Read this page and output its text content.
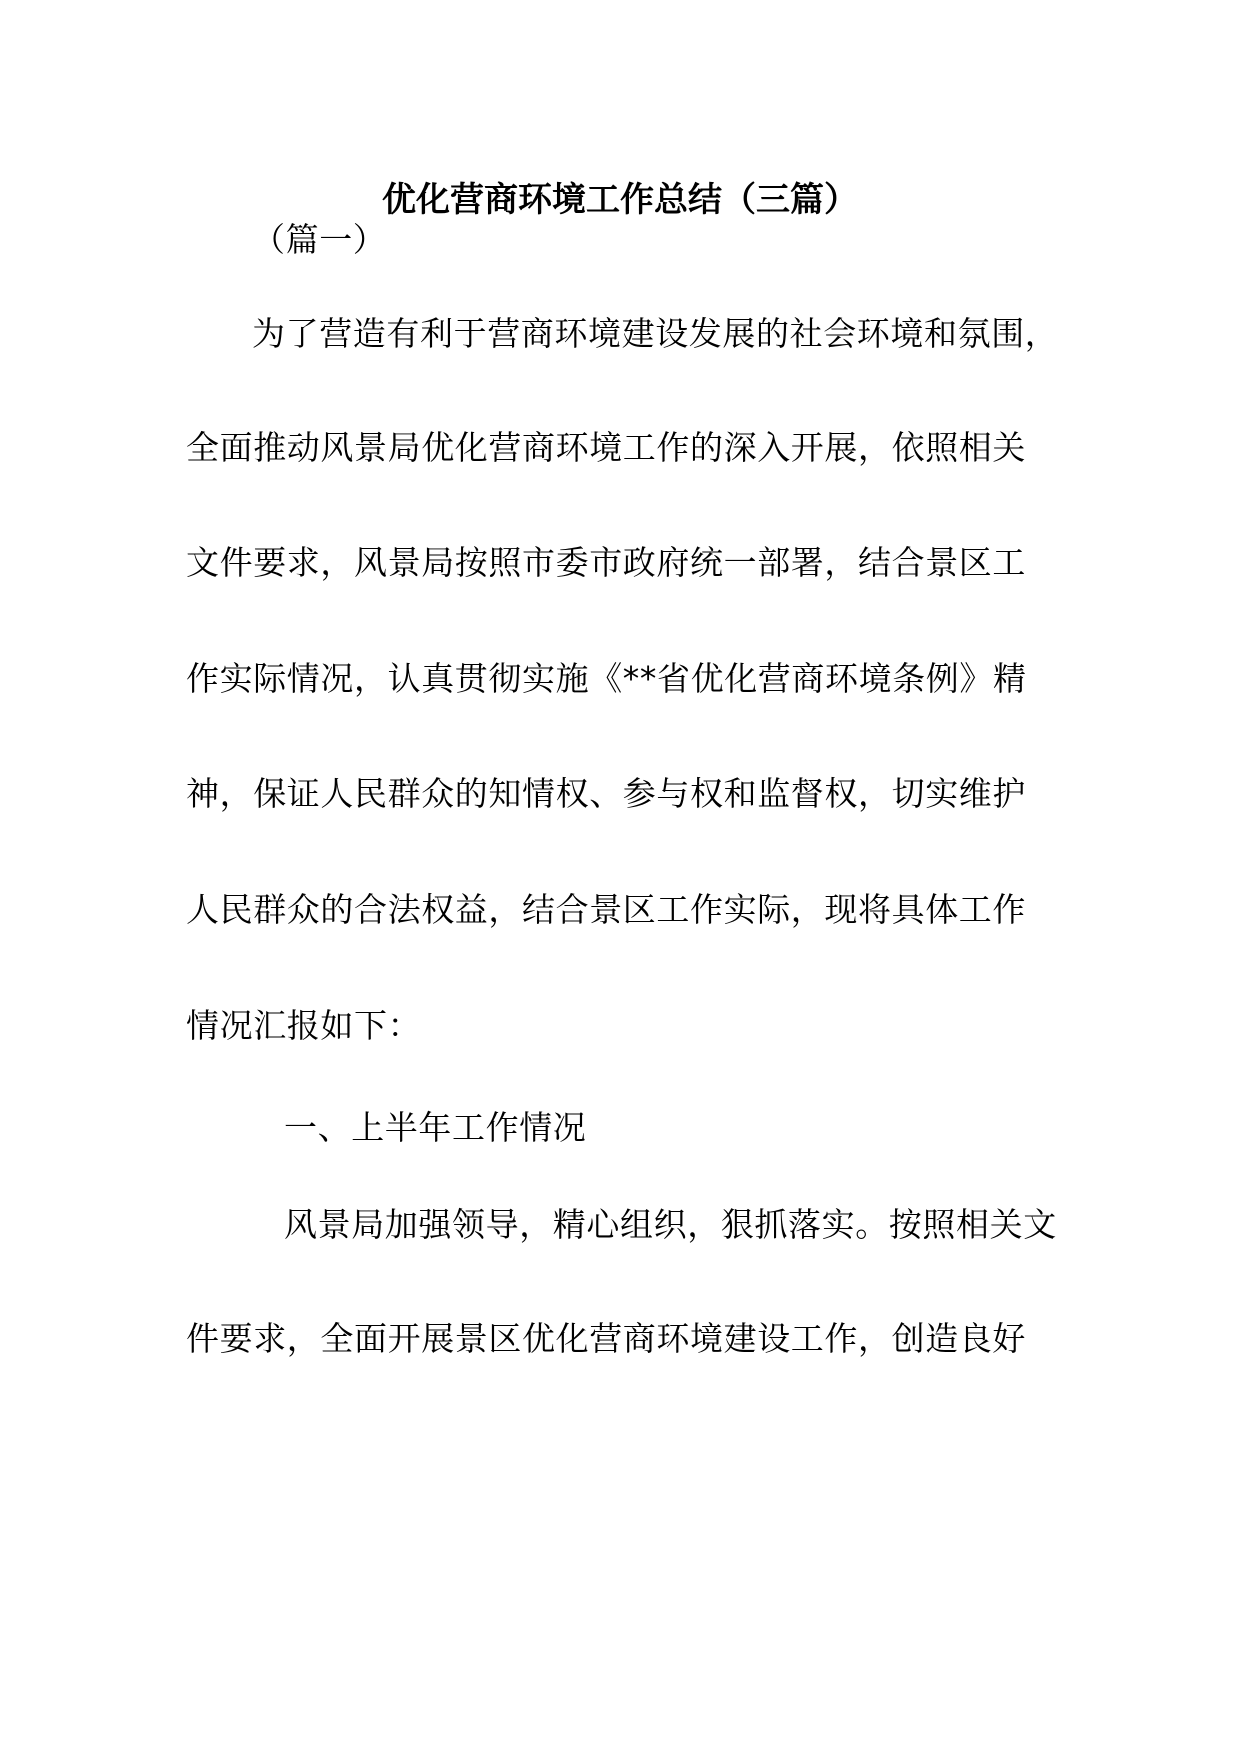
优化营商环境工作总结（三篇）
（篇一）
为了营造有利于营商环境建设发展的社会环境和氛围，
全面推动风景局优化营商环境工作的深入开展，依照相关
文件要求，风景局按照市委市政府统一部署，结合景区工
作实际情况，认真贯彻实施《**省优化营商环境条例》精
神，保证人民群众的知情权、参与权和监督权，切实维护
人民群众的合法权益，结合景区工作实际，现将具体工作
情况汇报如下：
一、上半年工作情况
风景局加强领导，精心组织，狠抓落实。按照相关文
件要求，全面开展景区优化营商环境建设工作，创造良好
